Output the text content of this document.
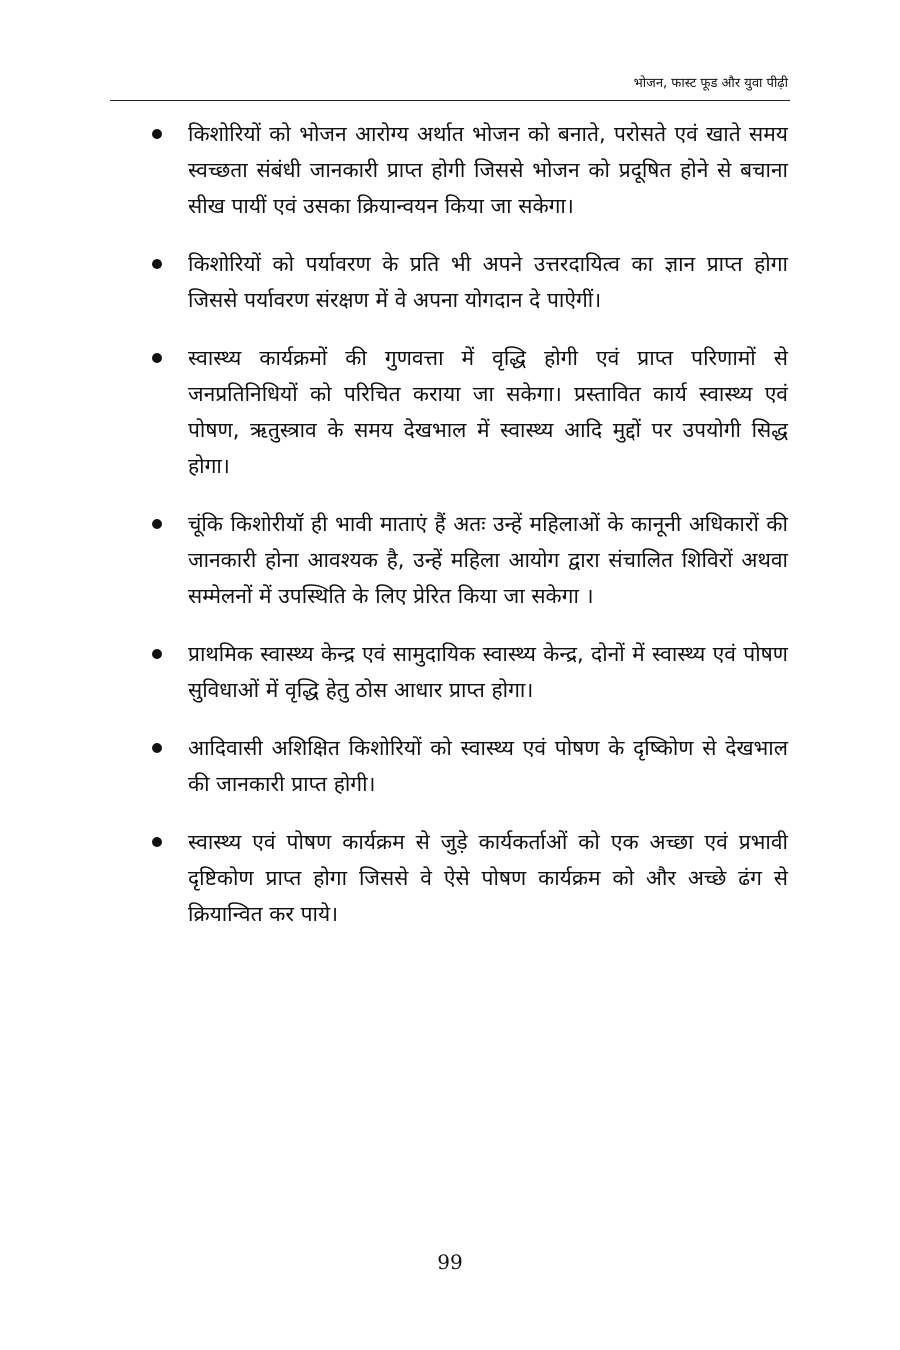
भोजन, फास्ट फूड और युवा पीढ़ी
किशोरियों को भोजन आरोग्य अर्थात भोजन को बनाते, परोसते एवं खाते समय स्वच्छता संबंधी जानकारी प्राप्त होगी जिससे भोजन को प्रदूषित होने से बचाना सीख पायीं एवं उसका क्रियान्वयन किया जा सकेगा।
किशोरियों को पर्यावरण के प्रति भी अपने उत्तरदायित्व का ज्ञान प्राप्त होगा जिससे पर्यावरण संरक्षण में वे अपना योगदान दे पाऐगीं।
स्वास्थ्य कार्यक्रमों की गुणवत्ता में वृद्धि होगी एवं प्राप्त परिणामों से जनप्रतिनिधियों को परिचित कराया जा सकेगा। प्रस्तावित कार्य स्वास्थ्य एवं पोषण, ऋतुस्त्राव के समय देखभाल में स्वास्थ्य आदि मुद्दों पर उपयोगी सिद्ध होगा।
चूंकि किशोरीयॉ ही भावी माताएं हैं अतः उन्हें महिलाओं के कानूनी अधिकारों की जानकारी होना आवश्यक है, उन्हें महिला आयोग द्वारा संचालित शिविरों अथवा सम्मेलनों में उपस्थिति के लिए प्रेरित किया जा सकेगा ।
प्राथमिक स्वास्थ्य केन्द्र एवं सामुदायिक स्वास्थ्य केन्द्र, दोनों में स्वास्थ्य एवं पोषण सुविधाओं में वृद्धि हेतु ठोस आधार प्राप्त होगा।
आदिवासी अशिक्षित किशोरियों को स्वास्थ्य एवं पोषण के दृष्किोण से देखभाल की जानकारी प्राप्त होगी।
स्वास्थ्य एवं पोषण कार्यक्रम से जुड़े कार्यकर्ताओं को एक अच्छा एवं प्रभावी दृष्टिकोण प्राप्त होगा जिससे वे ऐसे पोषण कार्यक्रम को और अच्छे ढंग से क्रियान्वित कर पाये।
99
